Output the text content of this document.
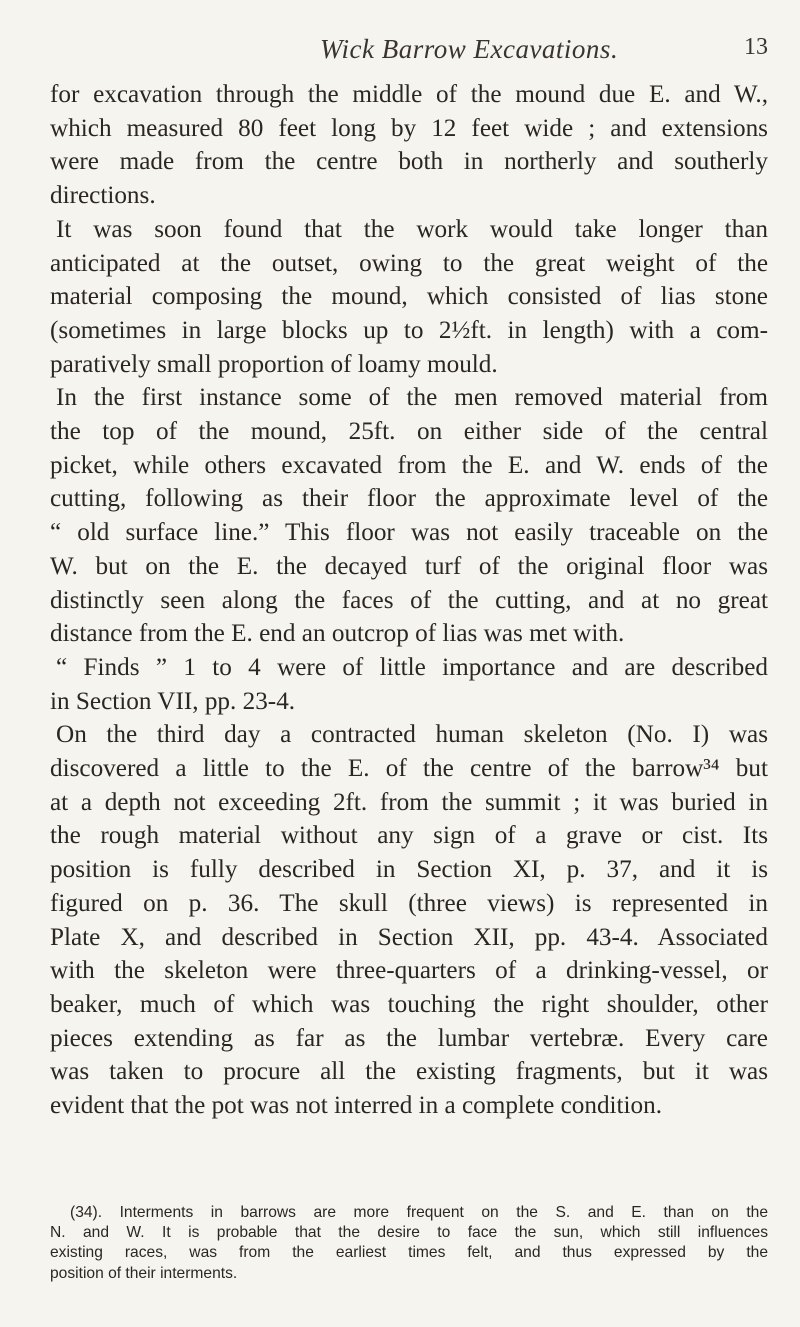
Wick Barrow Excavations.	13
for excavation through the middle of the mound due E. and W.,
which measured 80 feet long by 12 feet wide ; and extensions
were made from the centre both in northerly and southerly
directions.
It was soon found that the work would take longer than
anticipated at the outset, owing to the great weight of the
material composing the mound, which consisted of lias stone
(sometimes in large blocks up to 2½ft. in length) with a com-
paratively small proportion of loamy mould.
In the first instance some of the men removed material from
the top of the mound, 25ft. on either side of the central
picket, while others excavated from the E. and W. ends of the
cutting, following as their floor the approximate level of the
“ old surface line.” This floor was not easily traceable on the
W. but on the E. the decayed turf of the original floor was
distinctly seen along the faces of the cutting, and at no great
distance from the E. end an outcrop of lias was met with.
“ Finds ” 1 to 4 were of little importance and are described
in Section VII, pp. 23-4.
On the third day a contracted human skeleton (No. I) was
discovered a little to the E. of the centre of the barrow³⁴ but
at a depth not exceeding 2ft. from the summit ; it was buried in
the rough material without any sign of a grave or cist. Its
position is fully described in Section XI, p. 37, and it is
figured on p. 36. The skull (three views) is represented in
Plate X, and described in Section XII, pp. 43-4. Associated
with the skeleton were three-quarters of a drinking-vessel, or
beaker, much of which was touching the right shoulder, other
pieces extending as far as the lumbar vertebræ. Every care
was taken to procure all the existing fragments, but it was
evident that the pot was not interred in a complete condition.
(34). Interments in barrows are more frequent on the S. and E. than on the
N. and W. It is probable that the desire to face the sun, which still influences
existing races, was from the earliest times felt, and thus expressed by the
position of their interments.
